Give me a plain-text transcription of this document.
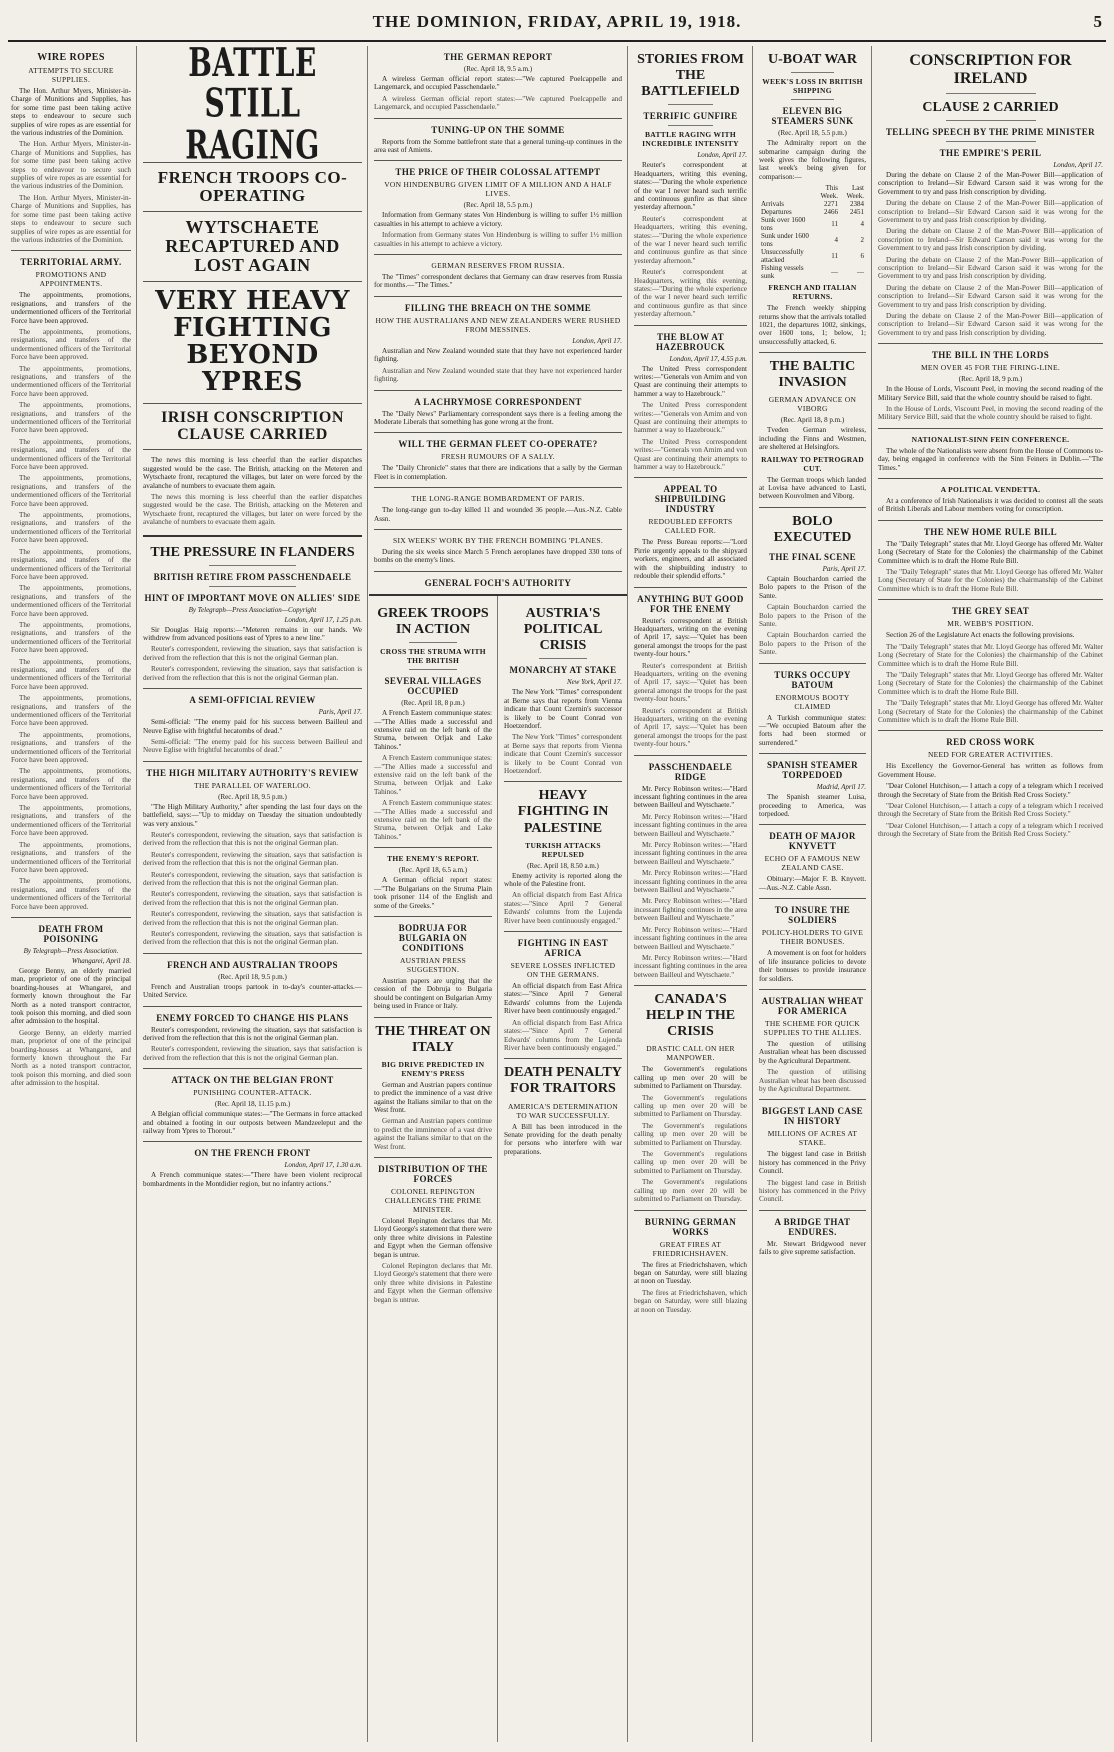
THE DOMINION, FRIDAY, APRIL 19, 1918.	5
WIRE ROPES
ATTEMPTS TO SECURE SUPPLIES.

The Hon. Arthur Myers, Minister-in-Charge of Munitions and Supplies, has for some time past been taking active steps to endeavour to secure such supplies of wire ropes as are essential for the various industries of the Dominion.

The Hon. Arthur Myers, Minister-in-Charge of Munitions and Supplies, has for some time past been taking active steps to endeavour to secure such supplies of wire ropes as are essential for the various industries of the Dominion.

The Hon. Arthur Myers, Minister-in-Charge of Munitions and Supplies, has for some time past been taking active steps to endeavour to secure such supplies of wire ropes as are essential for the various industries of the Dominion.

TERRITORIAL ARMY.
PROMOTIONS AND APPOINTMENTS.

The appointments, promotions, resignations, and transfers of the undermentioned officers of the Territorial Force have been approved.

The appointments, promotions, resignations, and transfers of the undermentioned officers of the Territorial Force have been approved.

The appointments, promotions, resignations, and transfers of the undermentioned officers of the Territorial Force have been approved.

The appointments, promotions, resignations, and transfers of the undermentioned officers of the Territorial Force have been approved.

The appointments, promotions, resignations, and transfers of the undermentioned officers of the Territorial Force have been approved.

The appointments, promotions, resignations, and transfers of the undermentioned officers of the Territorial Force have been approved.

The appointments, promotions, resignations, and transfers of the undermentioned officers of the Territorial Force have been approved.

The appointments, promotions, resignations, and transfers of the undermentioned officers of the Territorial Force have been approved.

The appointments, promotions, resignations, and transfers of the undermentioned officers of the Territorial Force have been approved.

The appointments, promotions, resignations, and transfers of the undermentioned officers of the Territorial Force have been approved.

The appointments, promotions, resignations, and transfers of the undermentioned officers of the Territorial Force have been approved.

The appointments, promotions, resignations, and transfers of the undermentioned officers of the Territorial Force have been approved.

The appointments, promotions, resignations, and transfers of the undermentioned officers of the Territorial Force have been approved.

The appointments, promotions, resignations, and transfers of the undermentioned officers of the Territorial Force have been approved.

The appointments, promotions, resignations, and transfers of the undermentioned officers of the Territorial Force have been approved.

The appointments, promotions, resignations, and transfers of the undermentioned officers of the Territorial Force have been approved.

The appointments, promotions, resignations, and transfers of the undermentioned officers of the Territorial Force have been approved.

DEATH FROM POISONING
By Telegraph—Press Association.
Whangarei, April 18.

George Benny, an elderly married man, proprietor of one of the principal boarding-houses at Whangarei, and formerly known throughout the Far North as a noted transport contractor, took poison this morning, and died soon after admission to the hospital.

George Benny, an elderly married man, proprietor of one of the principal boarding-houses at Whangarei, and formerly known throughout the Far North as a noted transport contractor, took poison this morning, and died soon after admission to the hospital.

BATTLE STILL RAGING
FRENCH TROOPS CO-OPERATING
WYTSCHAETE RECAPTURED AND LOST AGAIN
VERY HEAVY FIGHTING BEYOND YPRES
IRISH CONSCRIPTION CLAUSE CARRIED

The news this morning is less cheerful than the earlier dispatches suggested would be the case. The British, attacking on the Meteren and Wytschaete front, recaptured the villages, but later on were forced by the avalanche of numbers to evacuate them again.

The news this morning is less cheerful than the earlier dispatches suggested would be the case. The British, attacking on the Meteren and Wytschaete front, recaptured the villages, but later on were forced by the avalanche of numbers to evacuate them again.

THE PRESSURE IN FLANDERS
BRITISH RETIRE FROM PASSCHENDAELE
HINT OF IMPORTANT MOVE ON ALLIES' SIDE
By Telegraph—Press Association—Copyright
London, April 17, 1.25 p.m.

Sir Douglas Haig reports:—"Meteren remains in our hands. We withdrew from advanced positions east of Ypres to a new line."

Reuter's correspondent, reviewing the situation, says that satisfaction is derived from the reflection that this is not the original German plan.

Reuter's correspondent, reviewing the situation, says that satisfaction is derived from the reflection that this is not the original German plan.

A SEMI-OFFICIAL REVIEW
Paris, April 17.

Semi-official: "The enemy paid for his success between Bailleul and Neuve Eglise with frightful hecatombs of dead."

Semi-official: "The enemy paid for his success between Bailleul and Neuve Eglise with frightful hecatombs of dead."

THE HIGH MILITARY AUTHORITY'S REVIEW
THE PARALLEL OF WATERLOO.
(Rec. April 18, 9.5 p.m.)

"The High Military Authority," after spending the last four days on the battlefield, says:—"Up to midday on Tuesday the situation undoubtedly was very anxious."

Reuter's correspondent, reviewing the situation, says that satisfaction is derived from the reflection that this is not the original German plan.

Reuter's correspondent, reviewing the situation, says that satisfaction is derived from the reflection that this is not the original German plan.

Reuter's correspondent, reviewing the situation, says that satisfaction is derived from the reflection that this is not the original German plan.

Reuter's correspondent, reviewing the situation, says that satisfaction is derived from the reflection that this is not the original German plan.

Reuter's correspondent, reviewing the situation, says that satisfaction is derived from the reflection that this is not the original German plan.

Reuter's correspondent, reviewing the situation, says that satisfaction is derived from the reflection that this is not the original German plan.

FRENCH AND AUSTRALIAN TROOPS
(Rec. April 18, 9.5 p.m.)

French and Australian troops partook in to-day's counter-attacks.—United Service.

ENEMY FORCED TO CHANGE HIS PLANS

Reuter's correspondent, reviewing the situation, says that satisfaction is derived from the reflection that this is not the original German plan.

Reuter's correspondent, reviewing the situation, says that satisfaction is derived from the reflection that this is not the original German plan.

ATTACK ON THE BELGIAN FRONT
PUNISHING COUNTER-ATTACK.
(Rec. April 18, 11.15 p.m.)

A Belgian official communique states:—"The Germans in force attacked and obtained a footing in our outposts between Mandzeeleput and the railway from Ypres to Thorout."

ON THE FRENCH FRONT
London, April 17, 1.30 a.m.

A French communique states:—"There have been violent reciprocal bombardments in the Montdidier region, but no infantry actions."

THE GERMAN REPORT
(Rec. April 18, 9.5 a.m.)

A wireless German official report states:—"We captured Poelcappelle and Langemarck, and occupied Passchendaele."

A wireless German official report states:—"We captured Poelcappelle and Langemarck, and occupied Passchendaele."

TUNING-UP ON THE SOMME

Reports from the Somme battlefront state that a general tuning-up continues in the area east of Amiens.

THE PRICE OF THEIR COLOSSAL ATTEMPT
VON HINDENBURG GIVEN LIMIT OF A MILLION AND A HALF LIVES.
(Rec. April 18, 5.5 p.m.)

Information from Germany states Von Hindenburg is willing to suffer 1½ million casualties in his attempt to achieve a victory.

Information from Germany states Von Hindenburg is willing to suffer 1½ million casualties in his attempt to achieve a victory.

GERMAN RESERVES FROM RUSSIA.

The "Times" correspondent declares that Germany can draw reserves from Russia for months.—"The Times."

FILLING THE BREACH ON THE SOMME
HOW THE AUSTRALIANS AND NEW ZEALANDERS WERE RUSHED FROM MESSINES.
London, April 17.

Australian and New Zealand wounded state that they have not experienced harder fighting.

Australian and New Zealand wounded state that they have not experienced harder fighting.

A LACHRYMOSE CORRESPONDENT

The "Daily News" Parliamentary correspondent says there is a feeling among the Moderate Liberals that something has gone wrong at the front.

WILL THE GERMAN FLEET CO-OPERATE?
FRESH RUMOURS OF A SALLY.

The "Daily Chronicle" states that there are indications that a sally by the German Fleet is in contemplation.

THE LONG-RANGE BOMBARDMENT OF PARIS.

The long-range gun to-day killed 11 and wounded 36 people.—Aus.-N.Z. Cable Assn.

SIX WEEKS' WORK BY THE FRENCH BOMBING 'PLANES.

During the six weeks since March 5 French aeroplanes have dropped 330 tons of bombs on the enemy's lines.

GENERAL FOCH'S AUTHORITY

GREEK TROOPS IN ACTION
CROSS THE STRUMA WITH THE BRITISH
SEVERAL VILLAGES OCCUPIED
(Rec. April 18, 8 p.m.)

A French Eastern communique states:—"The Allies made a successful and extensive raid on the left bank of the Struma, between Orljak and Lake Tahinos."

A French Eastern communique states:—"The Allies made a successful and extensive raid on the left bank of the Struma, between Orljak and Lake Tahinos."

A French Eastern communique states:—"The Allies made a successful and extensive raid on the left bank of the Struma, between Orljak and Lake Tahinos."

THE ENEMY'S REPORT.
(Rec. April 18, 6.5 a.m.)

A German official report states:—"The Bulgarians on the Struma Plain took prisoner 114 of the English and some of the Greeks."

BODRUJA FOR BULGARIA ON CONDITIONS
AUSTRIAN PRESS SUGGESTION.

Austrian papers are urging that the cession of the Dobruja to Bulgaria should be contingent on Bulgarian Army being used in France or Italy.

THE THREAT ON ITALY
BIG DRIVE PREDICTED IN ENEMY'S PRESS

German and Austrian papers continue to predict the imminence of a vast drive against the Italians similar to that on the West front.

German and Austrian papers continue to predict the imminence of a vast drive against the Italians similar to that on the West front.

DISTRIBUTION OF THE FORCES
COLONEL REPINGTON CHALLENGES THE PRIME MINISTER.

Colonel Repington declares that Mr. Lloyd George's statement that there were only three white divisions in Palestine and Egypt when the German offensive began is untrue.

Colonel Repington declares that Mr. Lloyd George's statement that there were only three white divisions in Palestine and Egypt when the German offensive began is untrue.

AUSTRIA'S POLITICAL CRISIS
MONARCHY AT STAKE
New York, April 17.

The New York "Times" correspondent at Berne says that reports from Vienna indicate that Count Czernin's successor is likely to be Count Conrad von Hoetzendorf.

The New York "Times" correspondent at Berne says that reports from Vienna indicate that Count Czernin's successor is likely to be Count Conrad von Hoetzendorf.

HEAVY FIGHTING IN PALESTINE
TURKISH ATTACKS REPULSED
(Rec. April 18, 8.50 a.m.)

Enemy activity is reported along the whole of the Palestine front.

An official dispatch from East Africa states:—"Since April 7 General Edwards' columns from the Lujenda River have been continuously engaged."

FIGHTING IN EAST AFRICA
SEVERE LOSSES INFLICTED ON THE GERMANS.

An official dispatch from East Africa states:—"Since April 7 General Edwards' columns from the Lujenda River have been continuously engaged."

An official dispatch from East Africa states:—"Since April 7 General Edwards' columns from the Lujenda River have been continuously engaged."

DEATH PENALTY FOR TRAITORS
AMERICA'S DETERMINATION TO WAR SUCCESSFULLY.

A Bill has been introduced in the Senate providing for the death penalty for persons who interfere with war preparations.

STORIES FROM THE BATTLEFIELD
TERRIFIC GUNFIRE
BATTLE RAGING WITH INCREDIBLE INTENSITY
London, April 17.

Reuter's correspondent at Headquarters, writing this evening, states:—"During the whole experience of the war I never heard such terrific and continuous gunfire as that since yesterday afternoon."

Reuter's correspondent at Headquarters, writing this evening, states:—"During the whole experience of the war I never heard such terrific and continuous gunfire as that since yesterday afternoon."

Reuter's correspondent at Headquarters, writing this evening, states:—"During the whole experience of the war I never heard such terrific and continuous gunfire as that since yesterday afternoon."

THE BLOW AT HAZEBROUCK
London, April 17, 4.55 p.m.

The United Press correspondent writes:—"Generals von Arnim and von Quast are continuing their attempts to hammer a way to Hazebrouck."

The United Press correspondent writes:—"Generals von Arnim and von Quast are continuing their attempts to hammer a way to Hazebrouck."

The United Press correspondent writes:—"Generals von Arnim and von Quast are continuing their attempts to hammer a way to Hazebrouck."

APPEAL TO SHIPBUILDING INDUSTRY
REDOUBLED EFFORTS CALLED FOR.

The Press Bureau reports:—"Lord Pirrie urgently appeals to the shipyard workers, engineers, and all associated with the shipbuilding industry to redouble their splendid efforts."

ANYTHING BUT GOOD FOR THE ENEMY

Reuter's correspondent at British Headquarters, writing on the evening of April 17, says:—"Quiet has been general amongst the troops for the past twenty-four hours."

Reuter's correspondent at British Headquarters, writing on the evening of April 17, says:—"Quiet has been general amongst the troops for the past twenty-four hours."

Reuter's correspondent at British Headquarters, writing on the evening of April 17, says:—"Quiet has been general amongst the troops for the past twenty-four hours."

PASSCHENDAELE RIDGE

Mr. Percy Robinson writes:—"Hard incessant fighting continues in the area between Bailleul and Wytschaete."

Mr. Percy Robinson writes:—"Hard incessant fighting continues in the area between Bailleul and Wytschaete."

Mr. Percy Robinson writes:—"Hard incessant fighting continues in the area between Bailleul and Wytschaete."

Mr. Percy Robinson writes:—"Hard incessant fighting continues in the area between Bailleul and Wytschaete."

Mr. Percy Robinson writes:—"Hard incessant fighting continues in the area between Bailleul and Wytschaete."

Mr. Percy Robinson writes:—"Hard incessant fighting continues in the area between Bailleul and Wytschaete."

Mr. Percy Robinson writes:—"Hard incessant fighting continues in the area between Bailleul and Wytschaete."

CANADA'S HELP IN THE CRISIS
DRASTIC CALL ON HER MANPOWER.

The Government's regulations calling up men over 20 will be submitted to Parliament on Thursday.

The Government's regulations calling up men over 20 will be submitted to Parliament on Thursday.

The Government's regulations calling up men over 20 will be submitted to Parliament on Thursday.

The Government's regulations calling up men over 20 will be submitted to Parliament on Thursday.

The Government's regulations calling up men over 20 will be submitted to Parliament on Thursday.

BURNING GERMAN WORKS
GREAT FIRES AT FRIEDRICHSHAVEN.

The fires at Friedrichshaven, which began on Saturday, were still blazing at noon on Tuesday.

The fires at Friedrichshaven, which began on Saturday, were still blazing at noon on Tuesday.

U-BOAT WAR
WEEK'S LOSS IN BRITISH SHIPPING
ELEVEN BIG STEAMERS SUNK
(Rec. April 18, 5.5 p.m.)

The Admiralty report on the submarine campaign during the week gives the following figures, last week's being given for comparison:—

	This Week.	Last Week.
Arrivals	2271	2384
Departures	2466	2451
Sunk over 1600 tons	11	4
Sunk under 1600 tons	4	2
Unsuccessfully attacked	11	6
Fishing vessels sunk	—	—
FRENCH AND ITALIAN RETURNS.

The French weekly shipping returns show that the arrivals totalled 1021, the departures 1002, sinkings, over 1600 tons, 1; below, 1; unsuccessfully attacked, 6.

THE BALTIC INVASION
GERMAN ADVANCE ON VIBORG
(Rec. April 18, 8 p.m.)

Tveden German wireless, including the Finns and Westmen, are sheltered at Helsingfors.

RAILWAY TO PETROGRAD CUT.

The German troops which landed at Lovisa have advanced to Lasti, between Kouvolmen and Viborg.

BOLO EXECUTED
THE FINAL SCENE
Paris, April 17.

Captain Bouchardon carried the Bolo papers to the Prison of the Sante.

Captain Bouchardon carried the Bolo papers to the Prison of the Sante.

Captain Bouchardon carried the Bolo papers to the Prison of the Sante.

TURKS OCCUPY BATOUM
ENORMOUS BOOTY CLAIMED

A Turkish communique states:—"We occupied Batoum after the forts had been stormed or surrendered."

SPANISH STEAMER TORPEDOED
Madrid, April 17.

The Spanish steamer Luisa, proceeding to America, was torpedoed.

DEATH OF MAJOR KNYVETT
ECHO OF A FAMOUS NEW ZEALAND CASE.

Obituary:—Major F. B. Knyvett.—Aus.-N.Z. Cable Assn.

TO INSURE THE SOLDIERS
POLICY-HOLDERS TO GIVE THEIR BONUSES.

A movement is on foot for holders of life insurance policies to devote their bonuses to provide insurance for soldiers.

AUSTRALIAN WHEAT FOR AMERICA
THE SCHEME FOR QUICK SUPPLIES TO THE ALLIES.

The question of utilising Australian wheat has been discussed by the Agricultural Department.

The question of utilising Australian wheat has been discussed by the Agricultural Department.

BIGGEST LAND CASE IN HISTORY
MILLIONS OF ACRES AT STAKE.

The biggest land case in British history has commenced in the Privy Council.

The biggest land case in British history has commenced in the Privy Council.

A BRIDGE THAT ENDURES.

Mr. Stewart Bridgwood never fails to give supreme satisfaction.

CONSCRIPTION FOR IRELAND
CLAUSE 2 CARRIED
TELLING SPEECH BY THE PRIME MINISTER
THE EMPIRE'S PERIL
London, April 17.

During the debate on Clause 2 of the Man-Power Bill—application of conscription to Ireland—Sir Edward Carson said it was wrong for the Government to try and pass Irish conscription by dividing.

During the debate on Clause 2 of the Man-Power Bill—application of conscription to Ireland—Sir Edward Carson said it was wrong for the Government to try and pass Irish conscription by dividing.

During the debate on Clause 2 of the Man-Power Bill—application of conscription to Ireland—Sir Edward Carson said it was wrong for the Government to try and pass Irish conscription by dividing.

During the debate on Clause 2 of the Man-Power Bill—application of conscription to Ireland—Sir Edward Carson said it was wrong for the Government to try and pass Irish conscription by dividing.

During the debate on Clause 2 of the Man-Power Bill—application of conscription to Ireland—Sir Edward Carson said it was wrong for the Government to try and pass Irish conscription by dividing.

During the debate on Clause 2 of the Man-Power Bill—application of conscription to Ireland—Sir Edward Carson said it was wrong for the Government to try and pass Irish conscription by dividing.

THE BILL IN THE LORDS
MEN OVER 45 FOR THE FIRING-LINE.
(Rec. April 18, 9 p.m.)

In the House of Lords, Viscount Peel, in moving the second reading of the Military Service Bill, said that the whole country should be raised to fight.

In the House of Lords, Viscount Peel, in moving the second reading of the Military Service Bill, said that the whole country should be raised to fight.

NATIONALIST-SINN FEIN CONFERENCE.

The whole of the Nationalists were absent from the House of Commons to-day, being engaged in conference with the Sinn Feiners in Dublin.—"The Times."

A POLITICAL VENDETTA.

At a conference of Irish Nationalists it was decided to contest all the seats of British Liberals and Labour members voting for conscription.

THE NEW HOME RULE BILL

The "Daily Telegraph" states that Mr. Lloyd George has offered Mr. Walter Long (Secretary of State for the Colonies) the chairmanship of the Cabinet Committee which is to draft the Home Rule Bill.

The "Daily Telegraph" states that Mr. Lloyd George has offered Mr. Walter Long (Secretary of State for the Colonies) the chairmanship of the Cabinet Committee which is to draft the Home Rule Bill.

THE GREY SEAT
MR. WEBB'S POSITION.

Section 26 of the Legislature Act enacts the following provisions.

The "Daily Telegraph" states that Mr. Lloyd George has offered Mr. Walter Long (Secretary of State for the Colonies) the chairmanship of the Cabinet Committee which is to draft the Home Rule Bill.

The "Daily Telegraph" states that Mr. Lloyd George has offered Mr. Walter Long (Secretary of State for the Colonies) the chairmanship of the Cabinet Committee which is to draft the Home Rule Bill.

The "Daily Telegraph" states that Mr. Lloyd George has offered Mr. Walter Long (Secretary of State for the Colonies) the chairmanship of the Cabinet Committee which is to draft the Home Rule Bill.

RED CROSS WORK
NEED FOR GREATER ACTIVITIES.

His Excellency the Governor-General has written as follows from Government House.

"Dear Colonel Hutchison,— I attach a copy of a telegram which I received through the Secretary of State from the British Red Cross Society."

"Dear Colonel Hutchison,— I attach a copy of a telegram which I received through the Secretary of State from the British Red Cross Society."

"Dear Colonel Hutchison,— I attach a copy of a telegram which I received through the Secretary of State from the British Red Cross Society."
